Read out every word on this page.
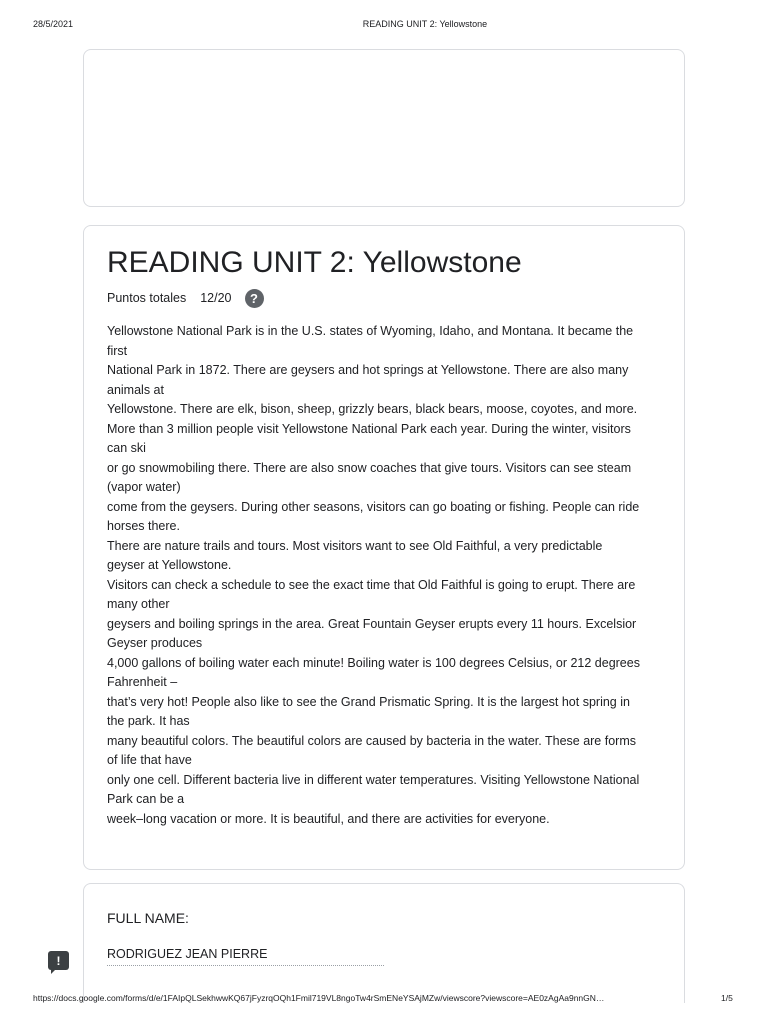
28/5/2021	READING UNIT 2: Yellowstone
READING UNIT 2: Yellowstone
Puntos totales 12/20	?
Yellowstone National Park is in the U.S. states of Wyoming, Idaho, and Montana. It became the first
National Park in 1872. There are geysers and hot springs at Yellowstone. There are also many animals at
Yellowstone. There are elk, bison, sheep, grizzly bears, black bears, moose, coyotes, and more.
More than 3 million people visit Yellowstone National Park each year. During the winter, visitors can ski
or go snowmobiling there. There are also snow coaches that give tours. Visitors can see steam (vapor water)
come from the geysers. During other seasons, visitors can go boating or fishing. People can ride horses there.
There are nature trails and tours. Most visitors want to see Old Faithful, a very predictable geyser at Yellowstone.
Visitors can check a schedule to see the exact time that Old Faithful is going to erupt. There are many other
geysers and boiling springs in the area. Great Fountain Geyser erupts every 11 hours. Excelsior Geyser produces
4,000 gallons of boiling water each minute! Boiling water is 100 degrees Celsius, or 212 degrees Fahrenheit –
that’s very hot! People also like to see the Grand Prismatic Spring. It is the largest hot spring in the park. It has
many beautiful colors. The beautiful colors are caused by bacteria in the water. These are forms of life that have
only one cell. Different bacteria live in different water temperatures. Visiting Yellowstone National Park can be a
week–long vacation or more. It is beautiful, and there are activities for everyone.
FULL NAME:
RODRIGUEZ JEAN PIERRE
!
https://docs.google.com/forms/d/e/1FAIpQLSekhwwKQ67jFyzrqOQh1Fmil719VL8ngoTw4rSmENeYSAjMZw/viewscore?viewscore=AE0zAgAa9nnGN…	1/5
